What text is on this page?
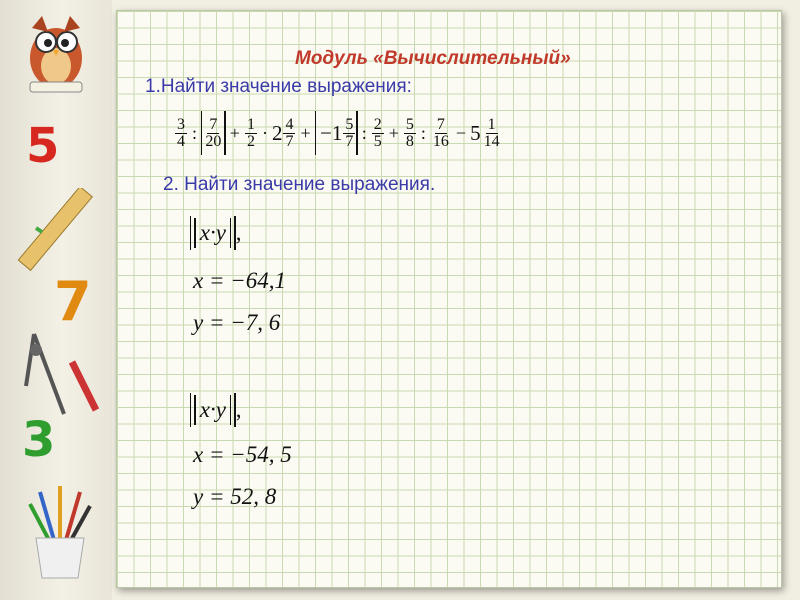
5
7
3
Модуль «Вычислительный»
1.Найти значение выражения:
$\frac{3}{4}$ : $\frac{7}{20} + \frac{1}{2} \cdot 2 \frac{4}{7} + -1 \frac{5}{7}$ : $\frac{2}{5} + \frac{5}{8}$ : $\frac{7}{16} - 5 \frac{1}{14}$
2. Найти значение выражения.
x·y ,
x = −64,1
y = −7, 6
x·y ,
x = −54, 5
y = 52, 8
